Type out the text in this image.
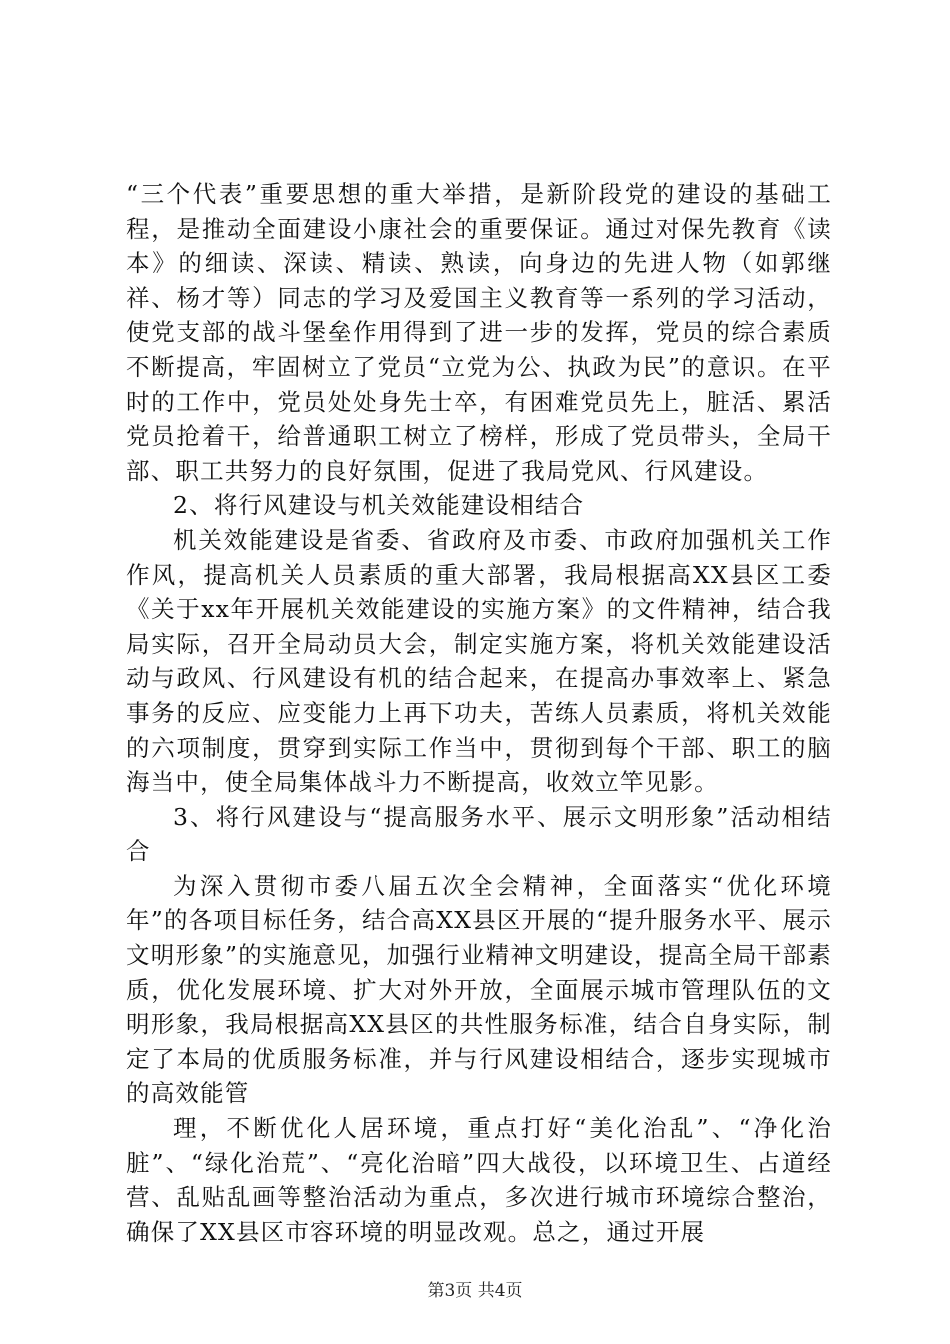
“三个代表”重要思想的重大举措，是新阶段党的建设的基础工程，是推动全面建设小康社会的重要保证。通过对保先教育《读本》的细读、深读、精读、熟读，向身边的先进人物（如郭继祥、杨才等）同志的学习及爱国主义教育等一系列的学习活动，使党支部的战斗堡垒作用得到了进一步的发挥，党员的综合素质不断提高，牢固树立了党员“立党为公、执政为民”的意识。在平时的工作中，党员处处身先士卒，有困难党员先上，脏活、累活党员抢着干，给普通职工树立了榜样，形成了党员带头，全局干部、职工共努力的良好氛围，促进了我局党风、行风建设。

2、将行风建设与机关效能建设相结合

机关效能建设是省委、省政府及市委、市政府加强机关工作作风，提高机关人员素质的重大部署，我局根据高XX县区工委《关于xx年开展机关效能建设的实施方案》的文件精神，结合我局实际，召开全局动员大会，制定实施方案，将机关效能建设活动与政风、行风建设有机的结合起来，在提高办事效率上、紧急事务的反应、应变能力上再下功夫，苦练人员素质，将机关效能的六项制度，贯穿到实际工作当中，贯彻到每个干部、职工的脑海当中，使全局集体战斗力不断提高，收效立竿见影。

3、将行风建设与“提高服务水平、展示文明形象”活动相结合

为深入贯彻市委八届五次全会精神，全面落实“优化环境年”的各项目标任务，结合高XX县区开展的“提升服务水平、展示文明形象”的实施意见，加强行业精神文明建设，提高全局干部素质，优化发展环境、扩大对外开放，全面展示城市管理队伍的文明形象，我局根据高XX县区的共性服务标准，结合自身实际，制定了本局的优质服务标准，并与行风建设相结合，逐步实现城市的高效能管

理，不断优化人居环境，重点打好“美化治乱”、“净化治脏”、“绿化治荒”、“亮化治暗”四大战役，以环境卫生、占道经营、乱贴乱画等整治活动为重点，多次进行城市环境综合整治，确保了XX县区市容环境的明显改观。总之，通过开展

第3页 共4页
